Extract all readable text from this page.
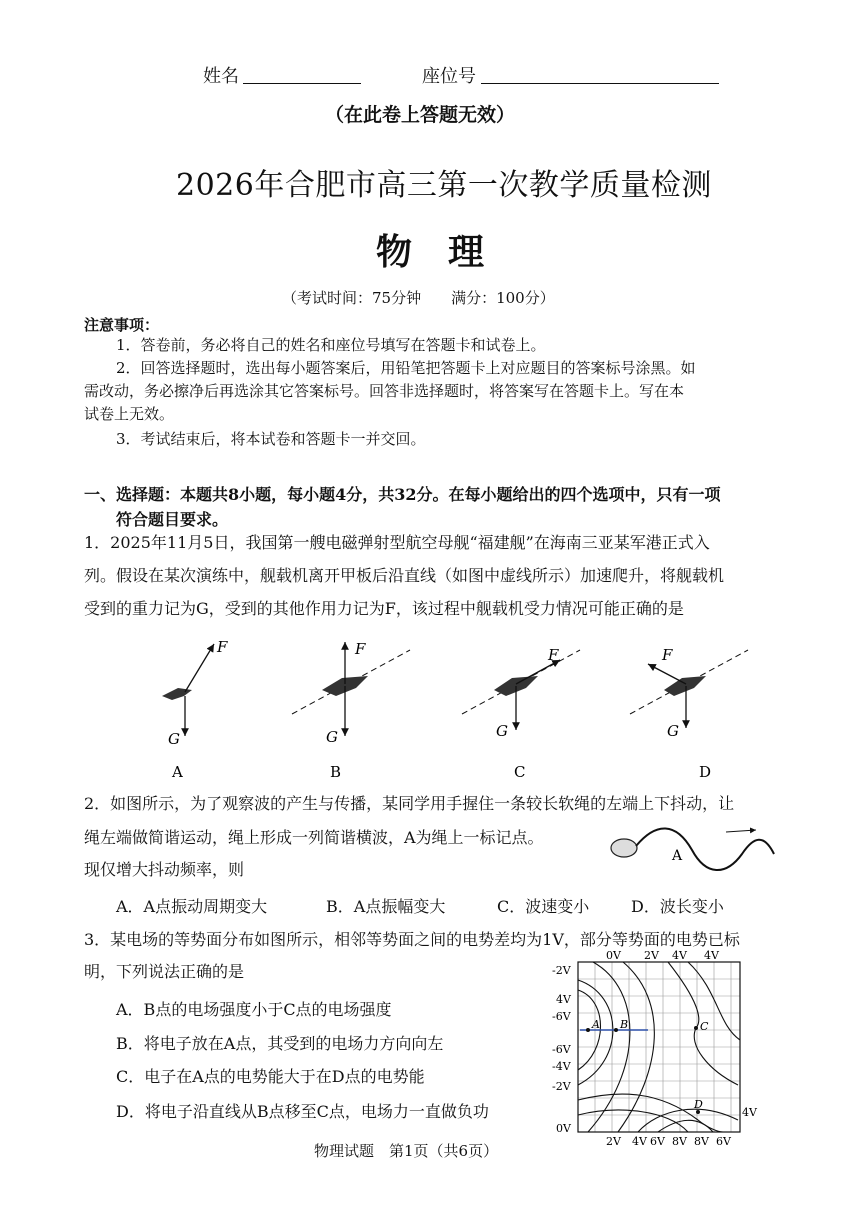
姓名	座位号
（在此卷上答题无效）
2026年合肥市高三第一次教学质量检测
物　理
（考试时间：75分钟　　满分：100分）
注意事项：
1．答卷前，务必将自己的姓名和座位号填写在答题卡和试卷上。
2．回答选择题时，选出每小题答案后，用铅笔把答题卡上对应题目的答案标号涂黑。如
需改动，务必擦净后再选涂其它答案标号。回答非选择题时，将答案写在答题卡上。写在本
试卷上无效。
3．考试结束后，将本试卷和答题卡一并交回。
一、选择题：本题共8小题，每小题4分，共32分。在每小题给出的四个选项中，只有一项
符合题目要求。
1．2025年11月5日，我国第一艘电磁弹射型航空母舰“福建舰”在海南三亚某军港正式入
列。假设在某次演练中，舰载机离开甲板后沿直线（如图中虚线所示）加速爬升，将舰载机
受到的重力记为G，受到的其他作用力记为F，该过程中舰载机受力情况可能正确的是
F
G
F
G
F
G
F
G
A	B	C	D
2．如图所示，为了观察波的产生与传播，某同学用手握住一条较长软绳的左端上下抖动，让
绳左端做简谐运动，绳上形成一列简谐横波，A为绳上一标记点。
现仅增大抖动频率，则
A
A．A点振动周期变大	B．A点振幅变大	C．波速变小	D．波长变小
3．某电场的等势面分布如图所示，相邻等势面之间的电势差均为1V，部分等势面的电势已标
明，下列说法正确的是
A．B点的电场强度小于C点的电场强度
B．将电子放在A点，其受到的电场力方向向左
C．电子在A点的电势能大于在D点的电势能
D．将电子沿直线从B点移至C点，电场力一直做负功
A B	C
D
0V 2V 4V 4V
-2V
4V
-6V
-6V
-4V
-2V
0V
2V 4V 6V 8V 8V 6V
4V
物理试题　第1页（共6页）
